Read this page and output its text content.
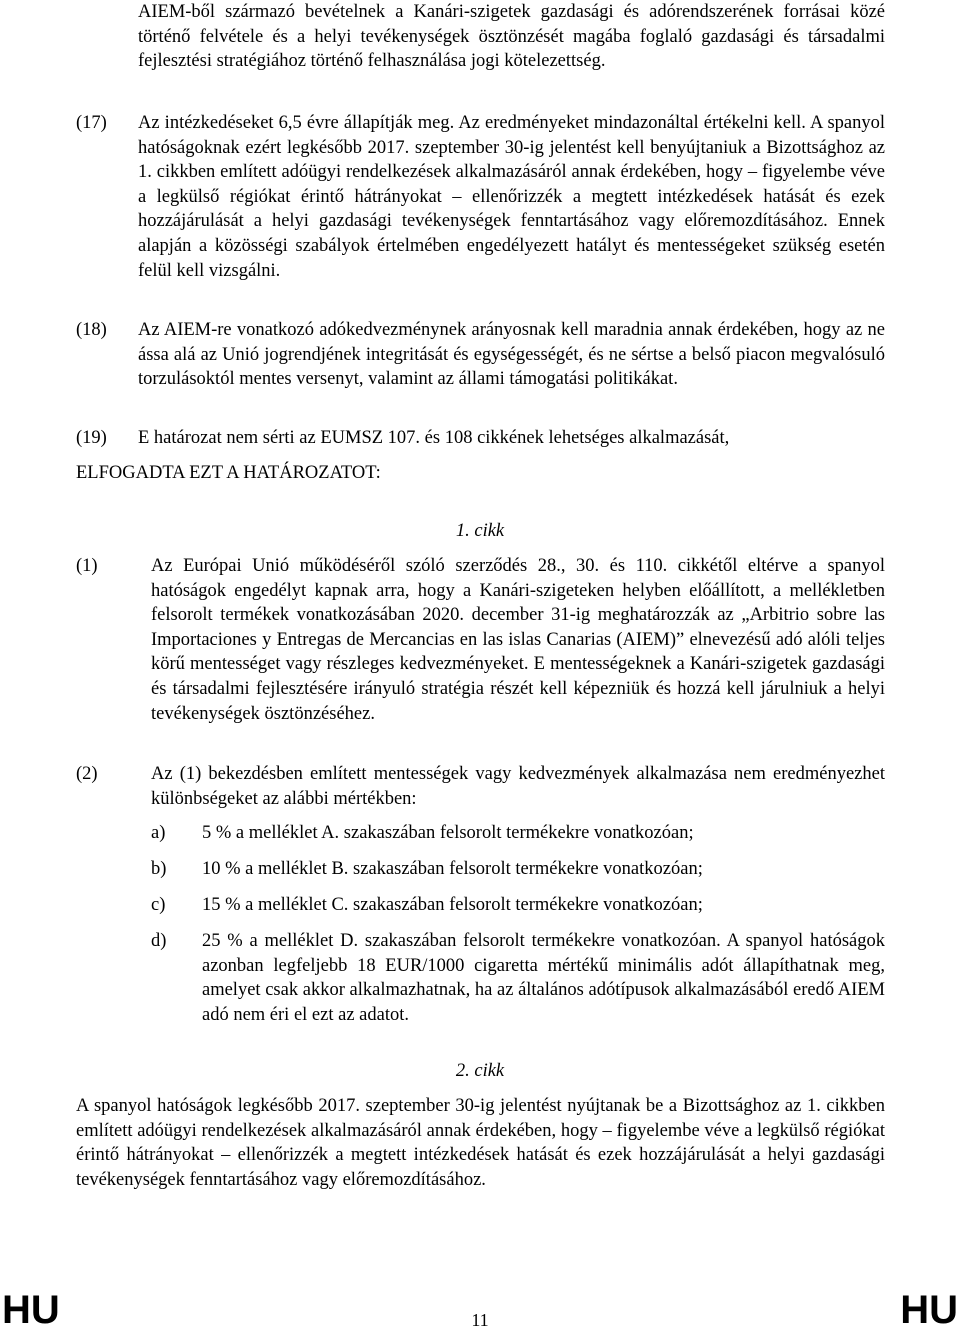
AIEM-ből származó bevételnek a Kanári-szigetek gazdasági és adórendszerének forrásai közé történő felvétele és a helyi tevékenységek ösztönzését magába foglaló gazdasági és társadalmi fejlesztési stratégiához történő felhasználása jogi kötelezettség.

(17) Az intézkedéseket 6,5 évre állapítják meg. Az eredményeket mindazonáltal értékelni kell. A spanyol hatóságoknak ezért legkésőbb 2017. szeptember 30-ig jelentést kell benyújtaniuk a Bizottsághoz az 1. cikkben említett adóügyi rendelkezések alkalmazásáról annak érdekében, hogy – figyelembe véve a legkülső régiókat érintő hátrányokat – ellenőrizzék a megtett intézkedések hatását és ezek hozzájárulását a helyi gazdasági tevékenységek fenntartásához vagy előremozdításához. Ennek alapján a közösségi szabályok értelmében engedélyezett hatályt és mentességeket szükség esetén felül kell vizsgálni.

(18) Az AIEM-re vonatkozó adókedvezménynek arányosnak kell maradnia annak érdekében, hogy az ne ássa alá az Unió jogrendjének integritását és egységességét, és ne sértse a belső piacon megvalósuló torzulásoktól mentes versenyt, valamint az állami támogatási politikákat.

(19) E határozat nem sérti az EUMSZ 107. és 108 cikkének lehetséges alkalmazását,

ELFOGADTA EZT A HATÁROZATOT:

1. cikk

(1)	Az Európai Unió működéséről szóló szerződés 28., 30. és 110. cikkétől eltérve a spanyol hatóságok engedélyt kapnak arra, hogy a Kanári-szigeteken helyben előállított, a mellékletben felsorolt termékek vonatkozásában 2020. december 31-ig meghatározzák az „Arbitrio sobre las Importaciones y Entregas de Mercancias en las islas Canarias (AIEM)” elnevezésű adó alóli teljes körű mentességet vagy részleges kedvezményeket. E mentességeknek a Kanári-szigetek gazdasági és társadalmi fejlesztésére irányuló stratégia részét kell képezniük és hozzá kell járulniuk a helyi tevékenységek ösztönzéséhez.

(2)	Az (1) bekezdésben említett mentességek vagy kedvezmények alkalmazása nem eredményezhet különbségeket az alábbi mértékben:

a) 5 % a melléklet A. szakaszában felsorolt termékekre vonatkozóan;

b) 10 % a melléklet B. szakaszában felsorolt termékekre vonatkozóan;

c) 15 % a melléklet C. szakaszában felsorolt termékekre vonatkozóan;

d) 25 % a melléklet D. szakaszában felsorolt termékekre vonatkozóan. A spanyol hatóságok azonban legfeljebb 18 EUR/1000 cigaretta mértékű minimális adót állapíthatnak meg, amelyet csak akkor alkalmazhatnak, ha az általános adótípusok alkalmazásából eredő AIEM adó nem éri el ezt az adatot.

2. cikk

A spanyol hatóságok legkésőbb 2017. szeptember 30-ig jelentést nyújtanak be a Bizottsághoz az 1. cikkben említett adóügyi rendelkezések alkalmazásáról annak érdekében, hogy – figyelembe véve a legkülső régiókat érintő hátrányokat – ellenőrizzék a megtett intézkedések hatását és ezek hozzájárulását a helyi gazdasági tevékenységek fenntartásához vagy előremozdításához.

HU	11	HU
